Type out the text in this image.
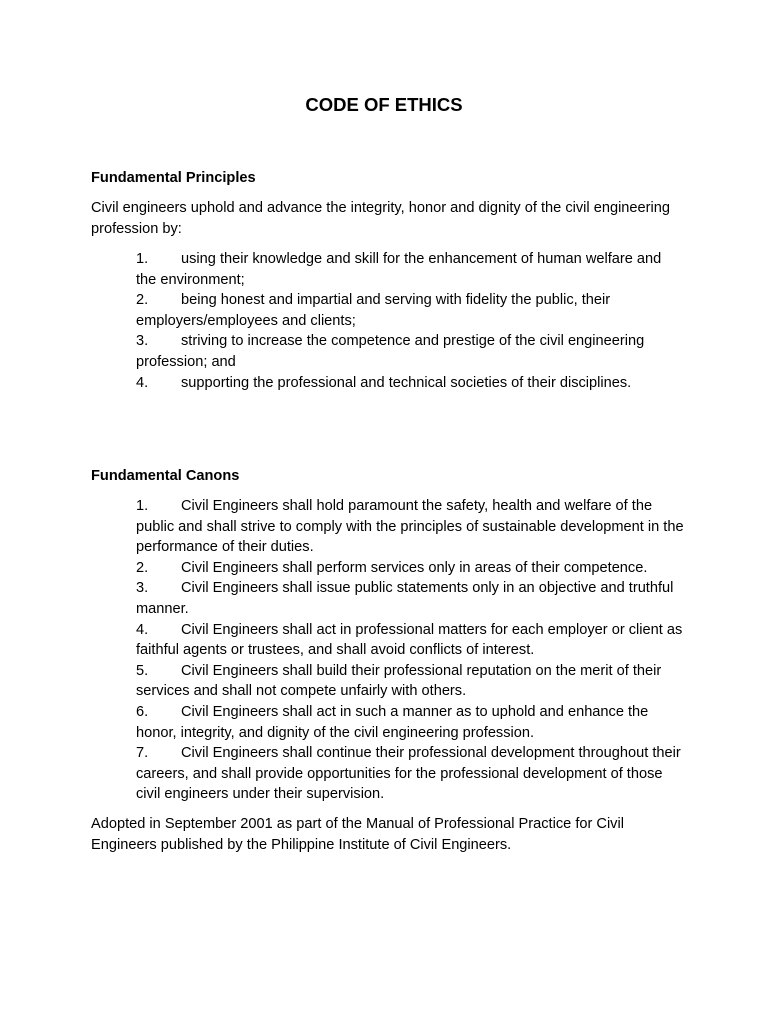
CODE OF ETHICS
Fundamental Principles

Civil engineers uphold and advance the integrity, honor and dignity of the civil engineering profession by:

1. using their knowledge and skill for the enhancement of human welfare and the environment;
2. being honest and impartial and serving with fidelity the public, their employers/employees and clients;
3. striving to increase the competence and prestige of the civil engineering profession; and
4. supporting the professional and technical societies of their disciplines.
Fundamental Canons
1. Civil Engineers shall hold paramount the safety, health and welfare of the public and shall strive to comply with the principles of sustainable development in the performance of their duties.
2. Civil Engineers shall perform services only in areas of their competence.
3. Civil Engineers shall issue public statements only in an objective and truthful manner.
4. Civil Engineers shall act in professional matters for each employer or client as faithful agents or trustees, and shall avoid conflicts of interest.
5. Civil Engineers shall build their professional reputation on the merit of their services and shall not compete unfairly with others.
6. Civil Engineers shall act in such a manner as to uphold and enhance the honor, integrity, and dignity of the civil engineering profession.
7. Civil Engineers shall continue their professional development throughout their careers, and shall provide opportunities for the professional development of those civil engineers under their supervision.

Adopted in September 2001 as part of the Manual of Professional Practice for Civil Engineers published by the Philippine Institute of Civil Engineers.
